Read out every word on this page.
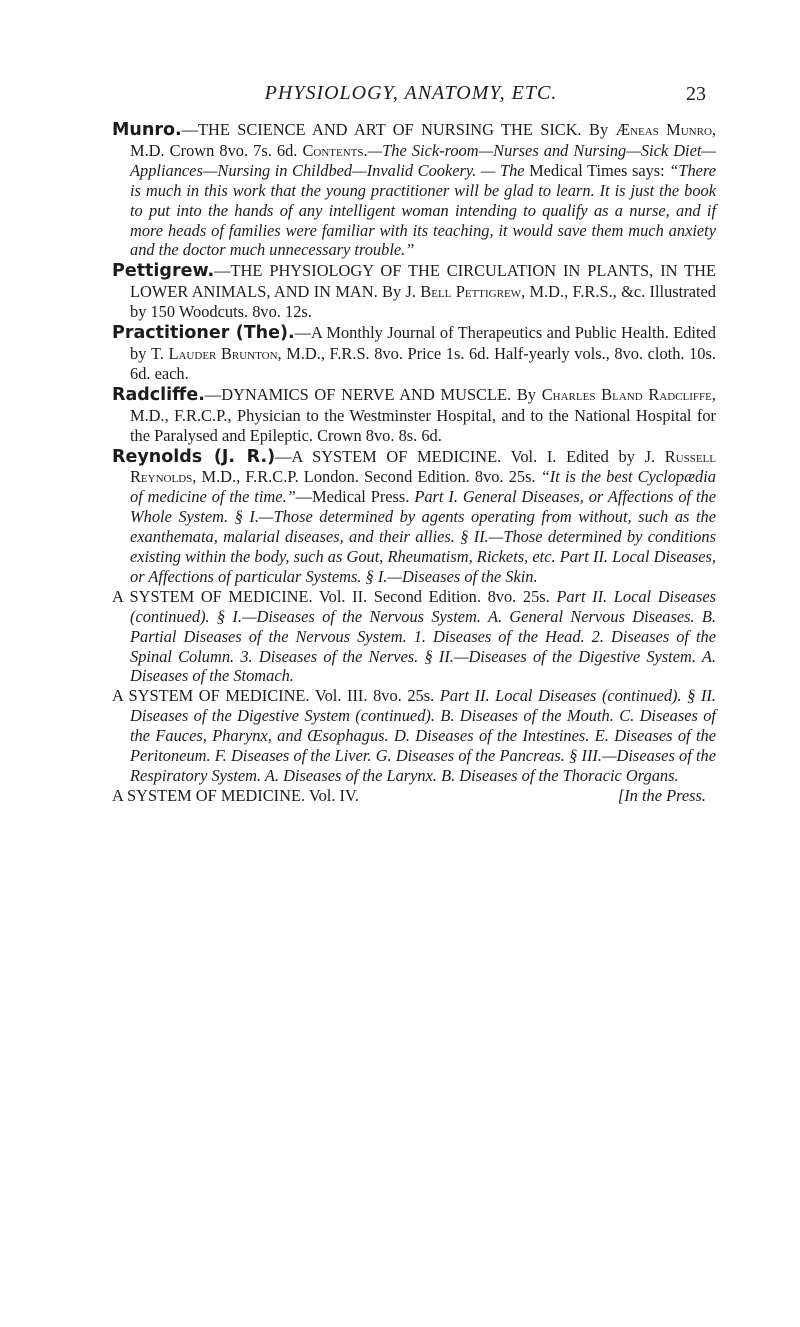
PHYSIOLOGY, ANATOMY, ETC.	23

Munro.—THE SCIENCE AND ART OF NURSING THE SICK. By Æneas Munro, M.D. Crown 8vo. 7s. 6d. Contents.—The Sick-room—Nurses and Nursing—Sick Diet—Appliances—Nursing in Childbed—Invalid Cookery. — The Medical Times says: “There is much in this work that the young practitioner will be glad to learn. It is just the book to put into the hands of any intelligent woman intending to qualify as a nurse, and if more heads of families were familiar with its teaching, it would save them much anxiety and the doctor much unnecessary trouble.”

Pettigrew.—THE PHYSIOLOGY OF THE CIRCULATION IN PLANTS, IN THE LOWER ANIMALS, AND IN MAN. By J. Bell Pettigrew, M.D., F.R.S., &c. Illustrated by 150 Woodcuts. 8vo. 12s.

Practitioner (The).—A Monthly Journal of Therapeutics and Public Health. Edited by T. Lauder Brunton, M.D., F.R.S. 8vo. Price 1s. 6d. Half-yearly vols., 8vo. cloth. 10s. 6d. each.

Radcliffe.—DYNAMICS OF NERVE AND MUSCLE. By Charles Bland Radcliffe, M.D., F.R.C.P., Physician to the Westminster Hospital, and to the National Hospital for the Paralysed and Epileptic. Crown 8vo. 8s. 6d.

Reynolds (J. R.)—A SYSTEM OF MEDICINE. Vol. I. Edited by J. Russell Reynolds, M.D., F.R.C.P. London. Second Edition. 8vo. 25s. “It is the best Cyclopædia of medicine of the time.”—Medical Press. Part I. General Diseases, or Affections of the Whole System. § I.—Those determined by agents operating from without, such as the exanthemata, malarial diseases, and their allies. § II.—Those determined by conditions existing within the body, such as Gout, Rheumatism, Rickets, etc. Part II. Local Diseases, or Affections of particular Systems. § I.—Diseases of the Skin.

A SYSTEM OF MEDICINE. Vol. II. Second Edition. 8vo. 25s. Part II. Local Diseases (continued). § I.—Diseases of the Nervous System. A. General Nervous Diseases. B. Partial Diseases of the Nervous System. 1. Diseases of the Head. 2. Diseases of the Spinal Column. 3. Diseases of the Nerves. § II.—Diseases of the Digestive System. A. Diseases of the Stomach.

A SYSTEM OF MEDICINE. Vol. III. 8vo. 25s. Part II. Local Diseases (continued). § II. Diseases of the Digestive System (continued). B. Diseases of the Mouth. C. Diseases of the Fauces, Pharynx, and Œsophagus. D. Diseases of the Intestines. E. Diseases of the Peritoneum. F. Diseases of the Liver. G. Diseases of the Pancreas. § III.—Diseases of the Respiratory System. A. Diseases of the Larynx. B. Diseases of the Thoracic Organs.

A SYSTEM OF MEDICINE. Vol. IV.	[In the Press.
